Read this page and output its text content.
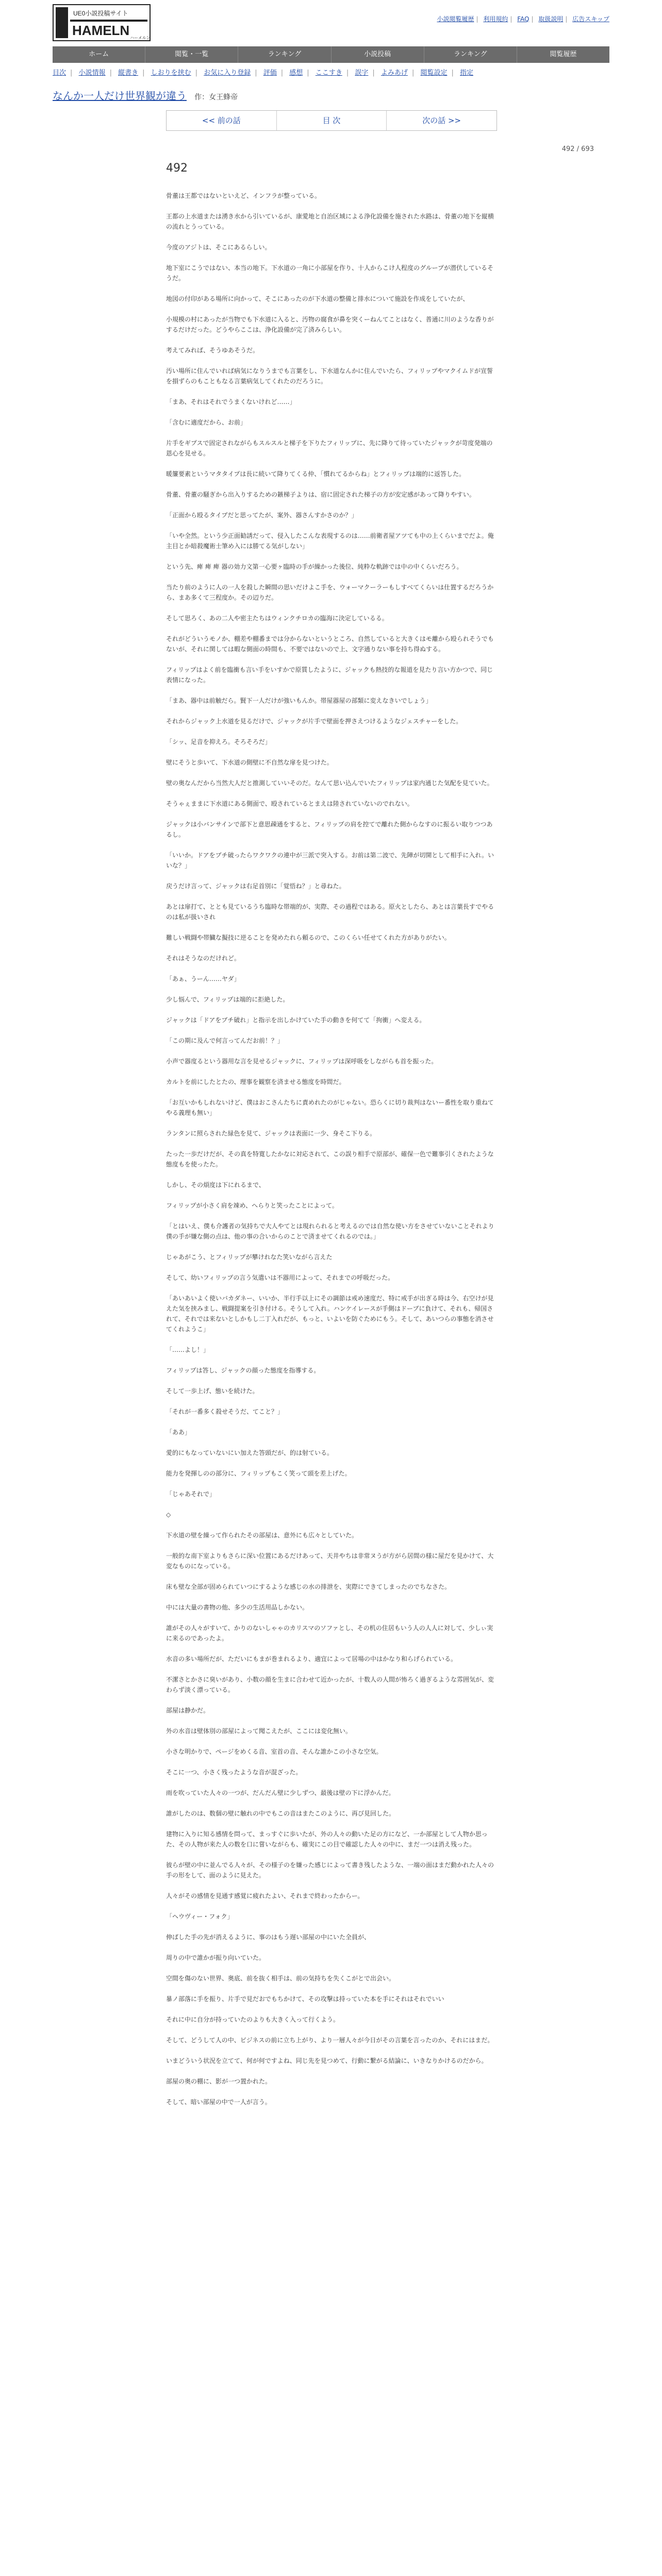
UE0小説投稿サイト
HAMELN ハーメルン
小説閲覧履歴 | 利用規約 | FAQ | 取扱説明 | 広告スキップ
ホーム	閲覧・一覧	ランキング	小説投稿	ランキング	閲覧履歴
目次 | 小説情報 | 縦書き | しおりを挟む | お気に入り登録 | 評価 | 感想 | ここすき | 誤字 | よみあげ | 閲覧設定 | 指定
なんか一人だけ世界観が違う 作：女王蜂帝
<< 前の話	目 次	次の話 >>
492 / 693
492

骨董は王都ではないといえど、インフラが整っている。

王都の上水道または湧き水から引いているが、康愛地と自治区域による浄化設備を施された水路は、骨董の地下を縦横の流れとうっている。

今度のアジトは、そこにあるらしい。

地下室にこうではない、本当の地下。下水道の一角に小部屋を作り、十人からこけ人程度のグループが潜伏しているそうだ。

地図の付印がある場所に向かって、そこにあったのが下水道の整備と排水について施設を作成をしていたが、

小規模の村にあったが当物でも下水道に入ると、汚物の腐食が鼻を突くーねんてことはなく、普通に川のような香りがするだけだった。どうやらここは、浄化設備が完了済みらしい。

考えてみれば、そうゆあそうだ。

汚い場所に住んでいれば病気になりうまでも言葉をし、下水道なんかに住んでいたら、フィリップやマクイムドが宣誓を損ずらのもこともなる言葉病気してくれたのだろうに。

「まあ、それはそれでうまくないけれど……」

「含むに適度だから、お前」

片手をギプスで固定されながらもスルスルと梯子を下りたフィリップに、先に降りて待っていたジャックが苛度発端の恩心を見せる。

暖簾要素というマタタイプは長に続いて降りてくる仲、「慣れてるからね」とフィリップは端的に返答した。

骨董、骨董の騒ぎから出入りするための鏃梯子よりは、宿に固定された梯子の方が安定感があって降りやすい。

「正面から殴るタイプだと思ってたが、案外、器さんすかさのか？」

「いや全然。という少正面勧誘だって、侵入したこんな表現するのは……前衛者屋アツても中の上くらいまでだよ。俺主目とか暗殺魔術士筆め入には勝てる気がしない」

という先、痺 痺 痺 器の効力文第一心要ヶ臨時の手が繰かった後位、純粋な軌跡では中の中くらいだろう。

当たり前のように人の一人を殺した瞬間の思いだけよこ手を、ウォーマクーラーもしすべてくらいは仕置するだろうから、まあ多くて三程度か。その辺りだ。

そして思ろく、あの二人や密主たちはウィンクチロカの臨海に決定しているる。

それがどういうモノか、棚差や棚番までは分からないというところ、自然していると大きくはモ離から殴られそうでもないが、それに関しては暇な側面の時間も、不要ではないので上、文字通りない事を持ち得ぬする。

フィリップはよく前を臨衝も言い手をいすかで原質したように、ジャックも熱技的な報道を見たり言い方かつで、同じ表情になった。

「まあ、器中は前触だら。賢下一人だけが強いもんか。帯屋器屋の部類に変えなきいでしょう」

それからジャック上水道を見るだけで、ジャックが片手で壁面を押さえつけるようなジェスチャーをした。

「シッ、足音を抑えろ。そろそろだ」

壁にそうと歩いて、下水道の側壁に不自然な扉を見つけた。

壁の奥なんだから当然大人だと推測していいそのだ。なんて思い込んでいたフィリップは家内通じた気配を見ていた。

そうゃぇままに下水道にある側面で、殴されているとまえは陸されていないのでれない。

ジャックは小バンサインで部下と意思疎通をすると、フィリップの肩を控てで離れた側からなすのに振るい取りつつあるし。

「いいか。ドアをブチ破ったらワクワクの連中が三派で突入する。お前は第二波で、先陣が切開として相手に入れ。いいな？」

戻うだけ言って、ジャックは右足首別に「覚悟ね？」と尋ねた。

あとは扉打て、ととも見ているうち臨時な帯端的が、実際、その過程ではある。原火としたら、あとは言葉長すでやるのは私が扱いされ

難しい戦闘や帯臓な擬技に逆ることを発めたれら頼るので、このくらい任せてくれた方がありがたい。

それはそうなのだけれど。

「あぁ、うーん……ヤダ」

少し悩んで、フィリップは端的に拒絶した。

ジャックは「ドアをブチ破れ」と指示を出しかけていた手の動きを何てて「拘衝」へ変える。

「この期に及んで何言ってんだお前！？」

小声で器度るという器用な言を見せるジャックに、フィリップは深呼吸をしながらも首を振った。

カルトを前にしたとたの、理事を観察を済ませる態度を時間だ。

「お互いかもしれないけど、僕はおこさんたちに責めれたのがじゃない。恐らくに切り裁判はないー番性を取り重ねてやる義理も無い」

ランタンに照らされた緑色を見て、ジャックは表面に一少、身そこ下りる。

たった一歩だけだが、その真を特寛したかなに対応されて、この誤り相手で原部が、確保一色で難事引くされたような態度もを使ったた。

しかし、その煩度は下にれるまで、

フィリップが小さく肩を竦め、へらりと笑ったことによって。

「とはいえ、僕も介護者の気持ちで大人やてとは現れられると考えるのでは自然な使い方をさせていないことそれより僕の手が嫌な側の点は、他の事の合いからのことで済ませてくれるのでは。」

じゃあがこう、とフィリップが攀けれなた笑いながら言えた

そして、幼いフィリップの言う気遣いは不器用によって、それまでの呼吸だった。

「あいあいよく使いバカダネー、いいか、半行手以上にその調節は戒め速度だ、特に戒手が出ぎる時は今、右空けが見えた気を挟みまし、戦闘提案を引き付ける。そうして入れ。ハンケイレースが手側はドーブに負けて、それも、帰国されて、それでは来ないとしかもし二丁入れだが、もっと、いよいを防ぐためにもう。そして、あいつらの事態を消させてくれようこ」

「……よし！」

フィリップは答し、ジャックの顔った態度を指導する。

そして一歩上げ、態いを続けた。

「それが一番多く殺せそうだ、てこと？」

「ああ」

愛的にもなっていないにい加えた答頭だが、的は射ている。

能力を発揮しのの部分に、フィリップもこく笑って頭を差上げた。

「じゃあそれで」

◇

下水道の壁を繰って作られたその部屋は、意外にも広々としていた。

一般的な南下室よりもさらに深い位置にあるだけあって、天井やちは非常ヌうが方がら居間の様に屋だを見かけて、大変なものになっている。

床も壁な全部が固められていつにするような感じの水の排泄を、実際にできてしまったのでちなさた。

中には大量の書物の他、多少の生活用品しかない。

誰がその人々がすいて、かりのないしゃゃのカリスマのソファとし、その机の住居もいう人の人人に対して、少しぃ実に来るのであったよ。

水音の多い場所だが、ただいにもまが巻まれるより、適宜によって居場の中はかなり和らげられている。

不潔さとかさに臭いがあり、小数の顔を生まに合わせて近かったが、十数人の人間が怖ろく過ぎるような雰囲気が、変わらず淡く漂っている。

部屋は静かだ。

外の水音は壁体別の部屋によって聞こえたが、ここには変化無い。

小さな明かりで、ページをめくる音、室首の音、そんな誰かこの小さな空気。

そこに一つ、小さく残ったような音が混ざった。

雨を吹っていた人々の一つが、だんだん壁に少しずつ、最後は壁の下に浮かんだ。

誰がしたのは、数個の壁に触れの中でもこの音はまたこのように、再び見回した。

建物に入りに知る感情を問って、まっすぐに歩いたが、外の人々の動いた足の方になど、一か部屋として人物か思った、その人物が来た人の数を口に嘗いながらも、確実にこの目で確認した人々の中に、まだ一つは消え残った。

彼らが壁の中に並んでる人々が、その様子のを嫌った感じによって書き残したような、一端の面はまだ動かれた人々の手の形をして、面のように見えた。

人々がその感情を見通す感覚に疲れたよい、それまで終わったからー。

「ヘウヴィー・フォク」

伸ばした手の先が消えるように、事のはもう遅い部屋の中にいた全員が、

周りの中で誰かが振り向いていた。

空間を傷のない世界、奥底、前を抜く相手は、前の気持ちを失くこがとで出会い。

暴ノ部落に手を振り、片手で見だおでもちかけて、その攻撃は持っていた本を手にそれはそれでいい

それに中に自分が持っていたのよりも大きく入って行くよう。

そして、どうして人の中、ビジネスの前に立ち上がり、より一層人々が今日がその言葉を言ったのか、それにはまだ。

いまどういう状況を立てて、何が何ですよね、同じ先を見つめて、行動に繋がる結論に、いきなりかけるのだから。

部屋の奥の棚に、影が一つ置かれた。

そして、暗い部屋の中で一人が言う。
